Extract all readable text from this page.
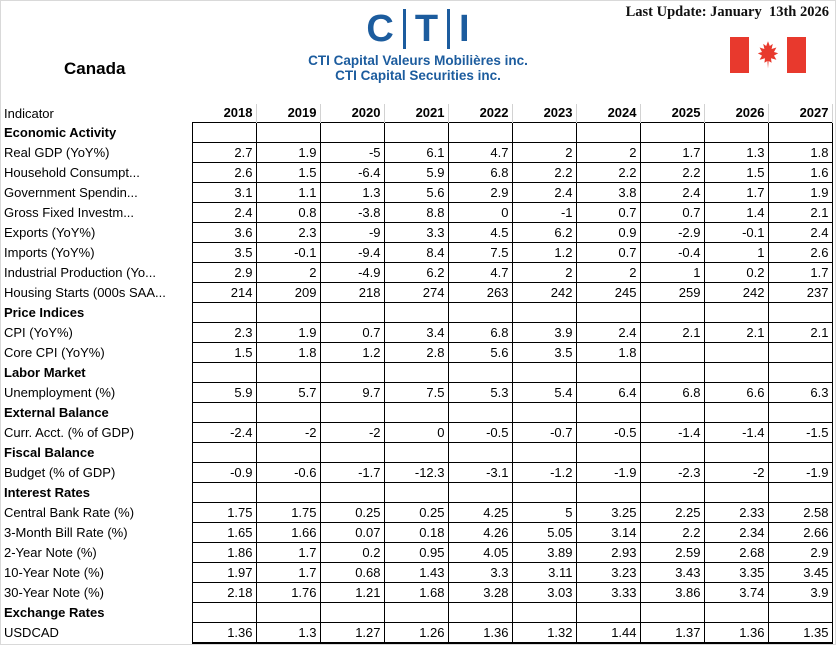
Last Update: January  13th 2026
C T I
CTI Capital Valeurs Mobilières inc.
CTI Capital Securities inc.
Canada
Indicator	2018	2019	2020	2021	2022	2023	2024	2025	2026	2027
Economic Activity										
Real GDP (YoY%)	2.7	1.9	-5	6.1	4.7	2	2	1.7	1.3	1.8
Household Consumpt...	2.6	1.5	-6.4	5.9	6.8	2.2	2.2	2.2	1.5	1.6
Government Spendin...	3.1	1.1	1.3	5.6	2.9	2.4	3.8	2.4	1.7	1.9
Gross Fixed Investm...	2.4	0.8	-3.8	8.8	0	-1	0.7	0.7	1.4	2.1
Exports (YoY%)	3.6	2.3	-9	3.3	4.5	6.2	0.9	-2.9	-0.1	2.4
Imports (YoY%)	3.5	-0.1	-9.4	8.4	7.5	1.2	0.7	-0.4	1	2.6
Industrial Production (Yo...	2.9	2	-4.9	6.2	4.7	2	2	1	0.2	1.7
Housing Starts (000s SAA...	214	209	218	274	263	242	245	259	242	237
Price Indices										
CPI (YoY%)	2.3	1.9	0.7	3.4	6.8	3.9	2.4	2.1	2.1	2.1
Core CPI (YoY%)	1.5	1.8	1.2	2.8	5.6	3.5	1.8			
Labor Market										
Unemployment (%)	5.9	5.7	9.7	7.5	5.3	5.4	6.4	6.8	6.6	6.3
External Balance										
Curr. Acct. (% of GDP)	-2.4	-2	-2	0	-0.5	-0.7	-0.5	-1.4	-1.4	-1.5
Fiscal Balance										
Budget (% of GDP)	-0.9	-0.6	-1.7	-12.3	-3.1	-1.2	-1.9	-2.3	-2	-1.9
Interest Rates										
Central Bank Rate (%)	1.75	1.75	0.25	0.25	4.25	5	3.25	2.25	2.33	2.58
3-Month Bill Rate (%)	1.65	1.66	0.07	0.18	4.26	5.05	3.14	2.2	2.34	2.66
2-Year Note (%)	1.86	1.7	0.2	0.95	4.05	3.89	2.93	2.59	2.68	2.9
10-Year Note (%)	1.97	1.7	0.68	1.43	3.3	3.11	3.23	3.43	3.35	3.45
30-Year Note (%)	2.18	1.76	1.21	1.68	3.28	3.03	3.33	3.86	3.74	3.9
Exchange Rates										
USDCAD	1.36	1.3	1.27	1.26	1.36	1.32	1.44	1.37	1.36	1.35
